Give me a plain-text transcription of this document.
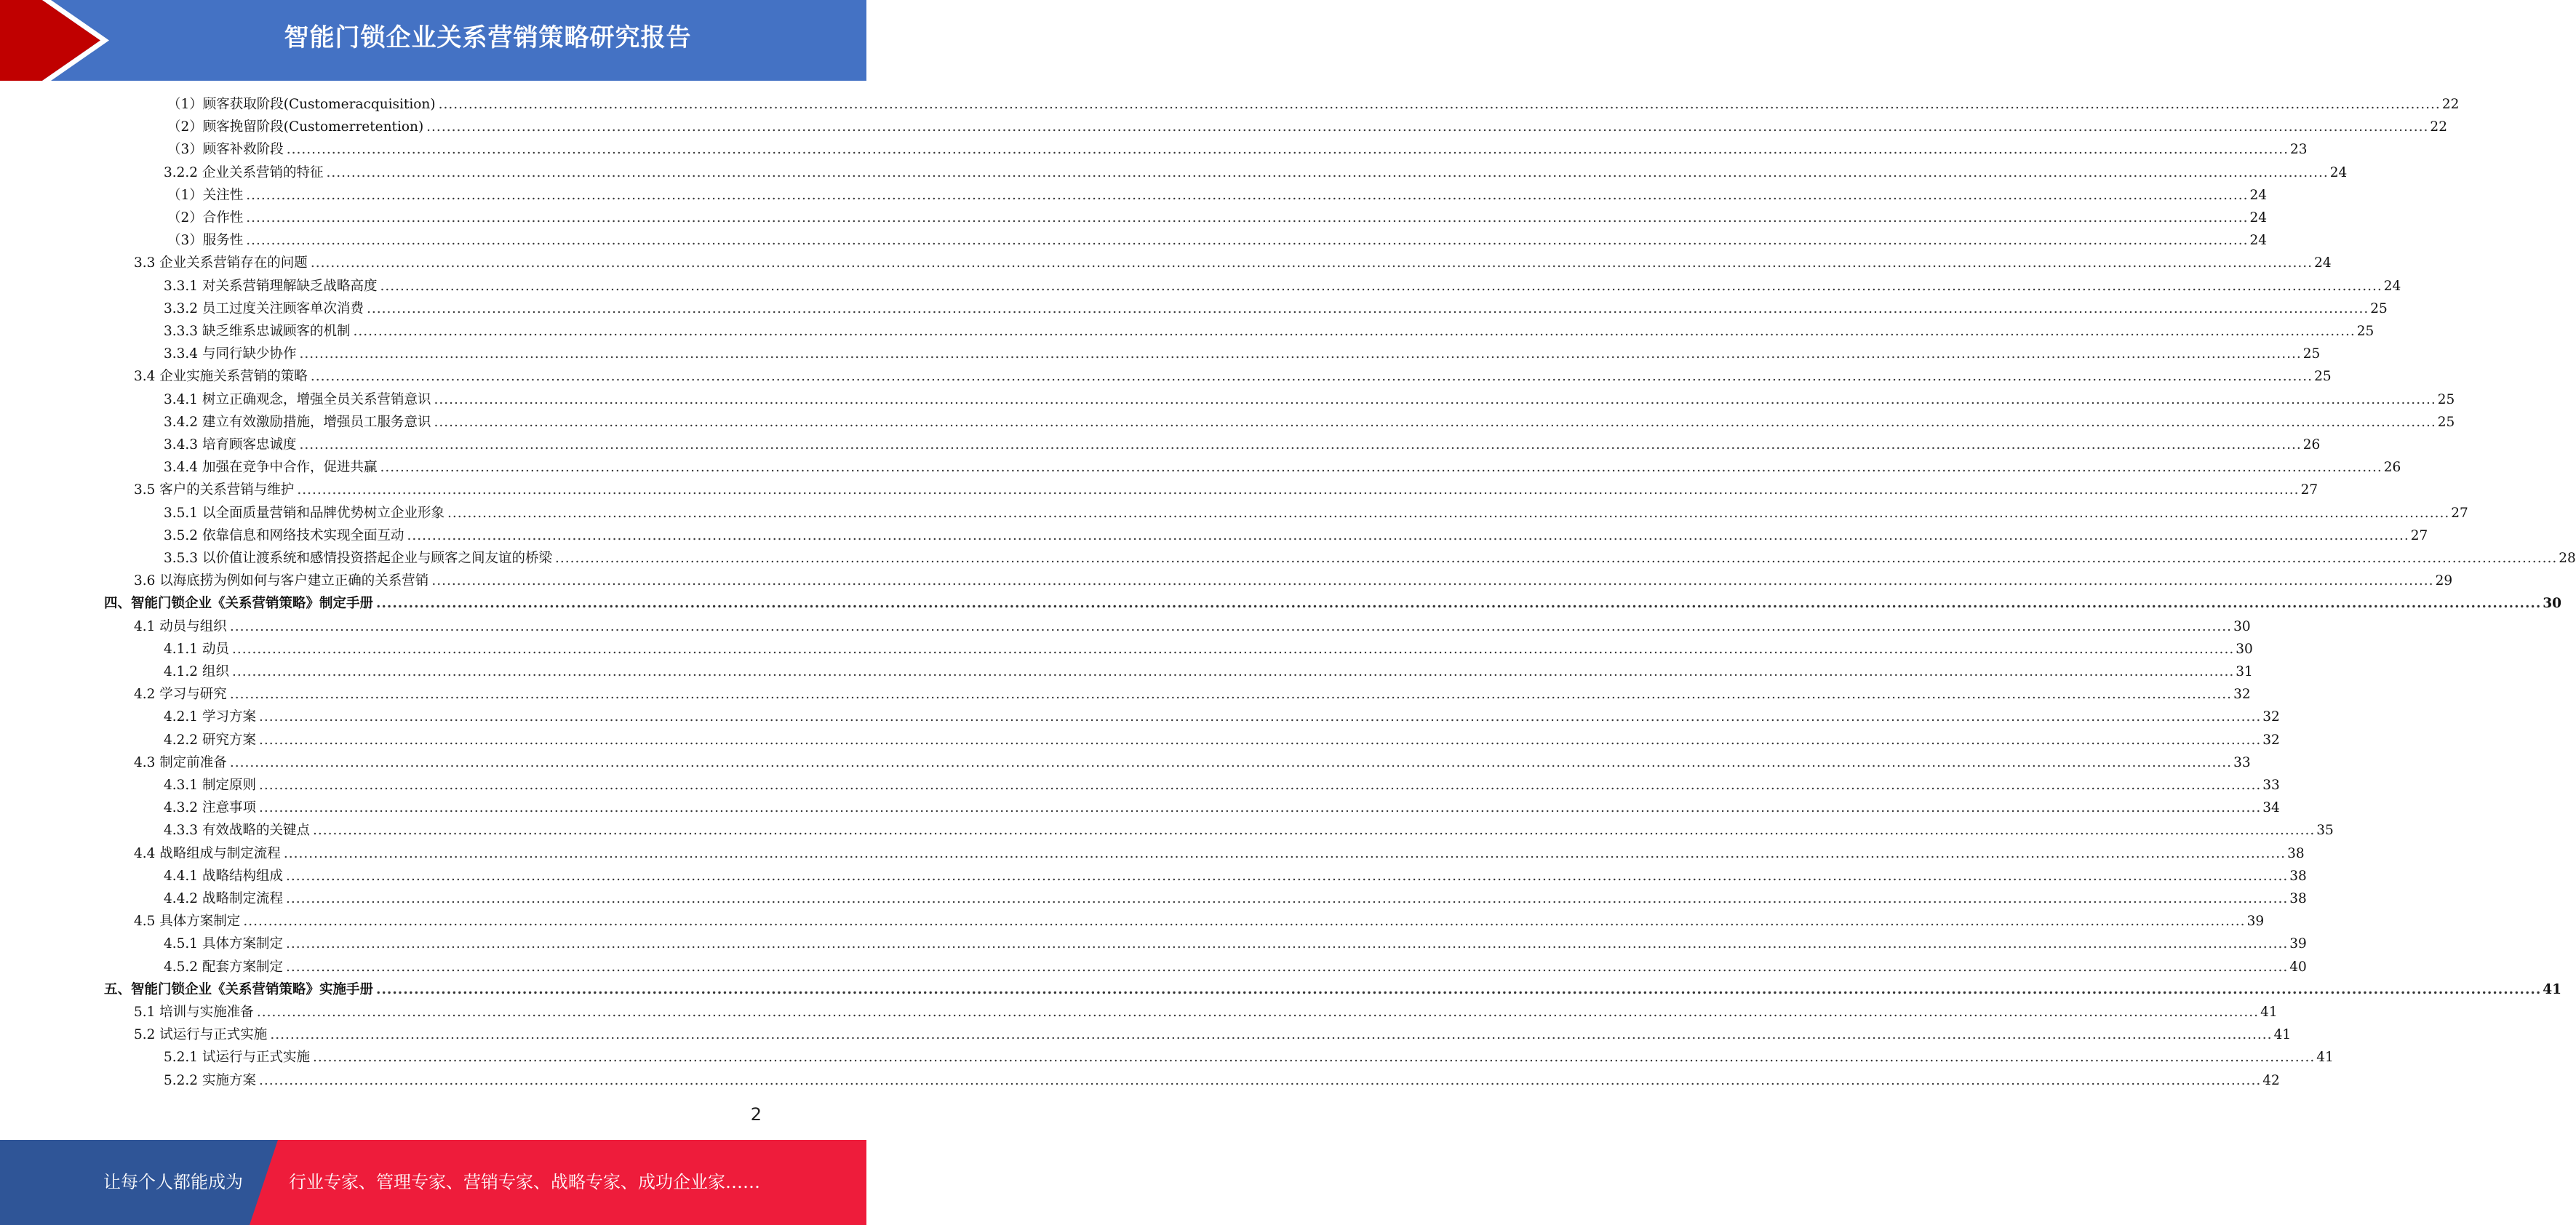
智能门锁企业关系营销策略研究报告
（1）顾客获取阶段(Customeracquisition) ................................................................................................................................................................................................................................................................................................................................................................................................................ 22
（2）顾客挽留阶段(Customerretention) ................................................................................................................................................................................................................................................................................................................................................................................................................ 22
（3）顾客补救阶段 ................................................................................................................................................................................................................................................................................................................................................................................................................ 23
3.2.2 企业关系营销的特征 ................................................................................................................................................................................................................................................................................................................................................................................................................ 24
（1）关注性 ................................................................................................................................................................................................................................................................................................................................................................................................................ 24
（2）合作性 ................................................................................................................................................................................................................................................................................................................................................................................................................ 24
（3）服务性 ................................................................................................................................................................................................................................................................................................................................................................................................................ 24
3.3 企业关系营销存在的问题 ................................................................................................................................................................................................................................................................................................................................................................................................................ 24
3.3.1 对关系营销理解缺乏战略高度 ................................................................................................................................................................................................................................................................................................................................................................................................................ 24
3.3.2 员工过度关注顾客单次消费 ................................................................................................................................................................................................................................................................................................................................................................................................................ 25
3.3.3 缺乏维系忠诚顾客的机制 ................................................................................................................................................................................................................................................................................................................................................................................................................ 25
3.3.4 与同行缺少协作 ................................................................................................................................................................................................................................................................................................................................................................................................................ 25
3.4 企业实施关系营销的策略 ................................................................................................................................................................................................................................................................................................................................................................................................................ 25
3.4.1 树立正确观念，增强全员关系营销意识 ................................................................................................................................................................................................................................................................................................................................................................................................................ 25
3.4.2 建立有效激励措施，增强员工服务意识 ................................................................................................................................................................................................................................................................................................................................................................................................................ 25
3.4.3 培育顾客忠诚度 ................................................................................................................................................................................................................................................................................................................................................................................................................ 26
3.4.4 加强在竞争中合作，促进共赢 ................................................................................................................................................................................................................................................................................................................................................................................................................ 26
3.5 客户的关系营销与维护 ................................................................................................................................................................................................................................................................................................................................................................................................................ 27
3.5.1 以全面质量营销和品牌优势树立企业形象 ................................................................................................................................................................................................................................................................................................................................................................................................................ 27
3.5.2 依靠信息和网络技术实现全面互动 ................................................................................................................................................................................................................................................................................................................................................................................................................ 27
3.5.3 以价值让渡系统和感情投资搭起企业与顾客之间友谊的桥梁 ................................................................................................................................................................................................................................................................................................................................................................................................................ 28
3.6 以海底捞为例如何与客户建立正确的关系营销 ................................................................................................................................................................................................................................................................................................................................................................................................................ 29
四、智能门锁企业《关系营销策略》制定手册 ................................................................................................................................................................................................................................................................................................................................................................................................................ 30
4.1 动员与组织 ................................................................................................................................................................................................................................................................................................................................................................................................................ 30
4.1.1 动员 ................................................................................................................................................................................................................................................................................................................................................................................................................ 30
4.1.2 组织 ................................................................................................................................................................................................................................................................................................................................................................................................................ 31
4.2 学习与研究 ................................................................................................................................................................................................................................................................................................................................................................................................................ 32
4.2.1 学习方案 ................................................................................................................................................................................................................................................................................................................................................................................................................ 32
4.2.2 研究方案 ................................................................................................................................................................................................................................................................................................................................................................................................................ 32
4.3 制定前准备 ................................................................................................................................................................................................................................................................................................................................................................................................................ 33
4.3.1 制定原则 ................................................................................................................................................................................................................................................................................................................................................................................................................ 33
4.3.2 注意事项 ................................................................................................................................................................................................................................................................................................................................................................................................................ 34
4.3.3 有效战略的关键点 ................................................................................................................................................................................................................................................................................................................................................................................................................ 35
4.4 战略组成与制定流程 ................................................................................................................................................................................................................................................................................................................................................................................................................ 38
4.4.1 战略结构组成 ................................................................................................................................................................................................................................................................................................................................................................................................................ 38
4.4.2 战略制定流程 ................................................................................................................................................................................................................................................................................................................................................................................................................ 38
4.5 具体方案制定 ................................................................................................................................................................................................................................................................................................................................................................................................................ 39
4.5.1 具体方案制定 ................................................................................................................................................................................................................................................................................................................................................................................................................ 39
4.5.2 配套方案制定 ................................................................................................................................................................................................................................................................................................................................................................................................................ 40
五、智能门锁企业《关系营销策略》实施手册 ................................................................................................................................................................................................................................................................................................................................................................................................................ 41
5.1 培训与实施准备 ................................................................................................................................................................................................................................................................................................................................................................................................................ 41
5.2 试运行与正式实施 ................................................................................................................................................................................................................................................................................................................................................................................................................ 41
5.2.1 试运行与正式实施 ................................................................................................................................................................................................................................................................................................................................................................................................................ 41
5.2.2 实施方案 ................................................................................................................................................................................................................................................................................................................................................................................................................ 42
2
让每个人都能成为	行业专家、管理专家、营销专家、战略专家、成功企业家……
